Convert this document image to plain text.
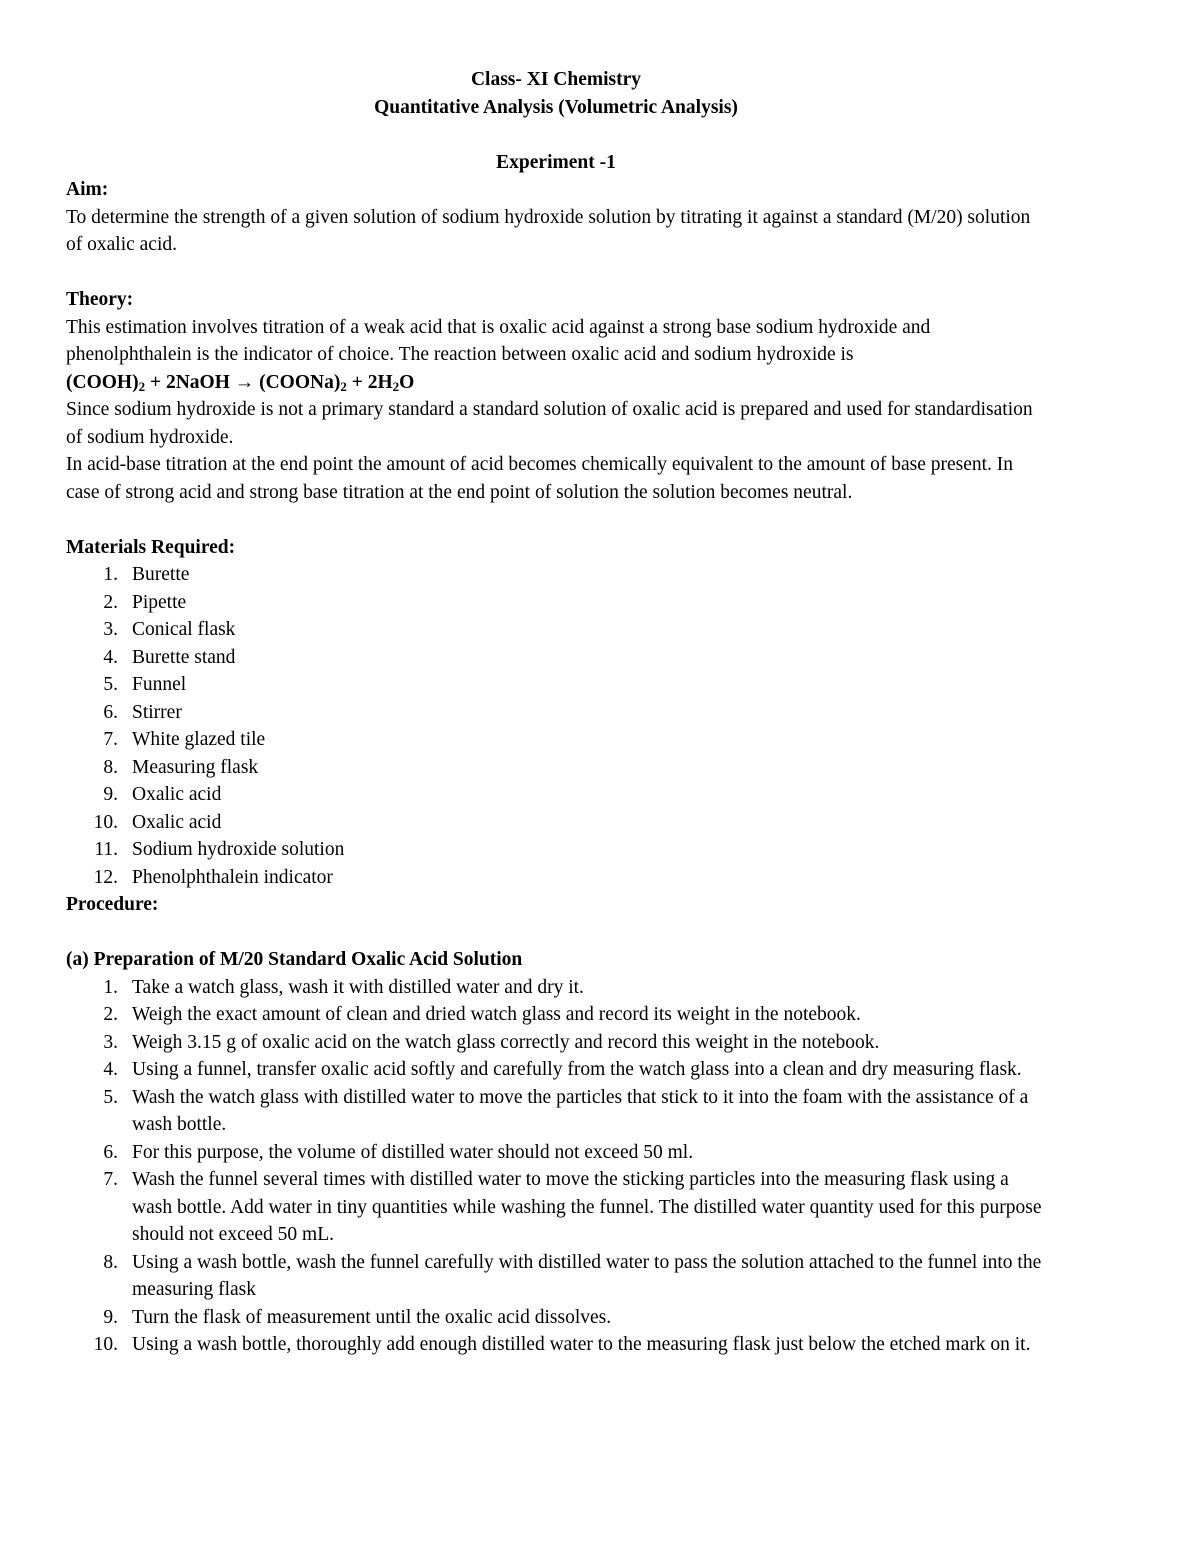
Class- XI Chemistry

Quantitative Analysis (Volumetric Analysis)

Experiment -1

Aim:

To determine the strength of a given solution of sodium hydroxide solution by titrating it against a standard (M/20) solution of oxalic acid.

Theory:

This estimation involves titration of a weak acid that is oxalic acid against a strong base sodium hydroxide and phenolphthalein is the indicator of choice. The reaction between oxalic acid and sodium hydroxide is

$(COOH)_2$ + 2NaOH → $(COONa)_2 + 2H_2O$

Since sodium hydroxide is not a primary standard a standard solution of oxalic acid is prepared and used for standardisation of sodium hydroxide.

In acid-base titration at the end point the amount of acid becomes chemically equivalent to the amount of base present. In case of strong acid and strong base titration at the end point of solution the solution becomes neutral.

Materials Required:

1. Burette
2. Pipette
3. Conical flask
4. Burette stand
5. Funnel
6. Stirrer
7. White glazed tile
8. Measuring flask
9. Oxalic acid
10. Oxalic acid
11. Sodium hydroxide solution
12. Phenolphthalein indicator

Procedure:

(a) Preparation of M/20 Standard Oxalic Acid Solution

1. Take a watch glass, wash it with distilled water and dry it.
2. Weigh the exact amount of clean and dried watch glass and record its weight in the notebook.
3. Weigh 3.15 g of oxalic acid on the watch glass correctly and record this weight in the notebook.
4. Using a funnel, transfer oxalic acid softly and carefully from the watch glass into a clean and dry measuring flask.
5. Wash the watch glass with distilled water to move the particles that stick to it into the foam with the assistance of a wash bottle.
6. For this purpose, the volume of distilled water should not exceed 50 ml.
7. Wash the funnel several times with distilled water to move the sticking particles into the measuring flask using a wash bottle. Add water in tiny quantities while washing the funnel. The distilled water quantity used for this purpose should not exceed 50 mL.
8. Using a wash bottle, wash the funnel carefully with distilled water to pass the solution attached to the funnel into the measuring flask
9. Turn the flask of measurement until the oxalic acid dissolves.
10. Using a wash bottle, thoroughly add enough distilled water to the measuring flask just below the etched mark on it.
